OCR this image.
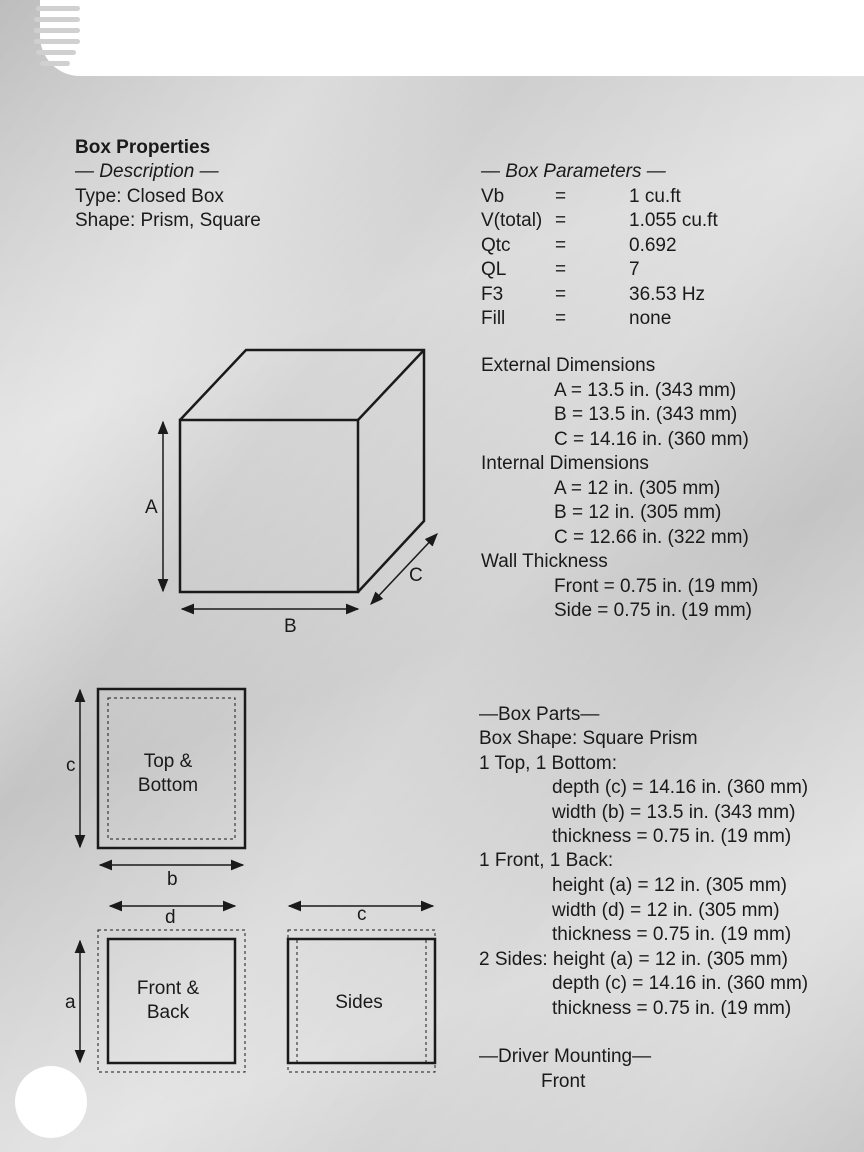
Box Properties
— Description —
Type: Closed Box
Shape: Prism, Square
— Box Parameters —
Vb	=	1 cu.ft
V(total) =	1.055 cu.ft
Qtc =	0.692
QL	=	7
F3	=	36.53 Hz
Fill	=	none
External Dimensions
A = 13.5 in. (343 mm)
B = 13.5 in. (343 mm)
C = 14.16 in. (360 mm)
Internal Dimensions
A = 12 in. (305 mm)
B = 12 in. (305 mm)
C = 12.66 in. (322 mm)
Wall Thickness
Front = 0.75 in. (19 mm)
Side = 0.75 in. (19 mm)
—Box Parts—
Box Shape: Square Prism
1 Top, 1 Bottom:
depth (c) = 14.16 in. (360 mm)
width (b) = 13.5 in. (343 mm)
thickness = 0.75 in. (19 mm)
1 Front, 1 Back:
height (a) = 12 in. (305 mm)
width (d) = 12 in. (305 mm)
thickness = 0.75 in. (19 mm)
2 Sides: height (a) = 12 in. (305 mm)
depth (c) = 14.16 in. (360 mm)
thickness = 0.75 in. (19 mm)
—Driver Mounting—
Front
A
B
C
Top &
Bottom
c
b
d	c
a
Front &
Back	Sides
